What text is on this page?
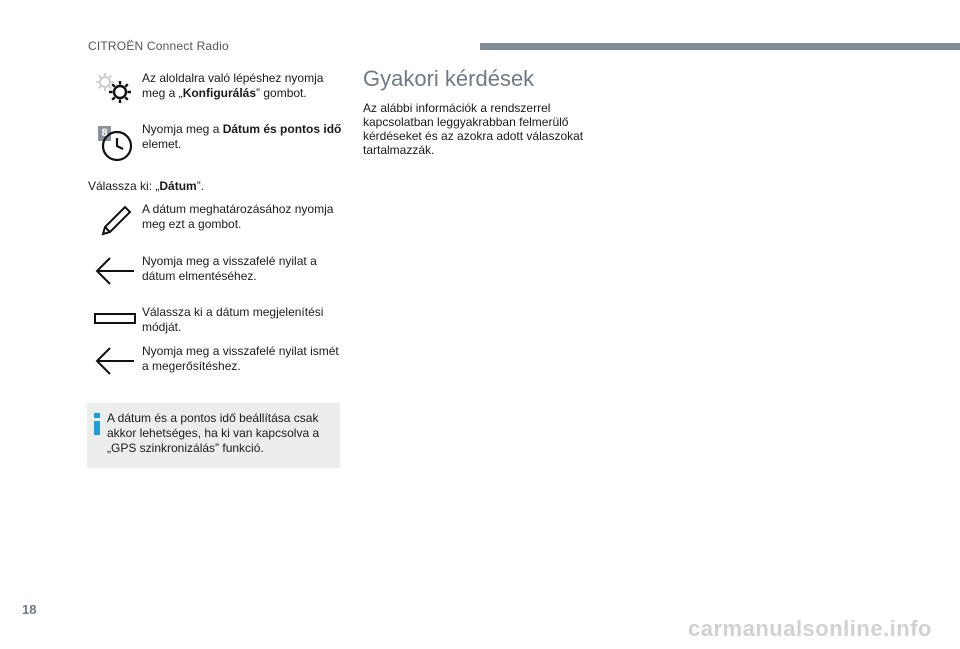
CITROËN Connect Radio
Az aloldalra való lépéshez nyomja meg a „Konfigurálás” gombot.
8	Nyomja meg a Dátum és pontos idő elemet.
Válassza ki: „Dátum”.
A dátum meghatározásához nyomja meg ezt a gombot.
Nyomja meg a visszafelé nyilat a dátum elmentéséhez.
Válassza ki a dátum megjelenítési módját.
Nyomja meg a visszafelé nyilat ismét a megerősítéshez.
A dátum és a pontos idő beállítása csak akkor lehetséges, ha ki van kapcsolva a „GPS szinkronizálás” funkció.
Gyakori kérdések
Az alábbi információk a rendszerrel kapcsolatban leggyakrabban felmerülő kérdéseket és az azokra adott válaszokat tartalmazzák.
18
carmanualsonline.info
